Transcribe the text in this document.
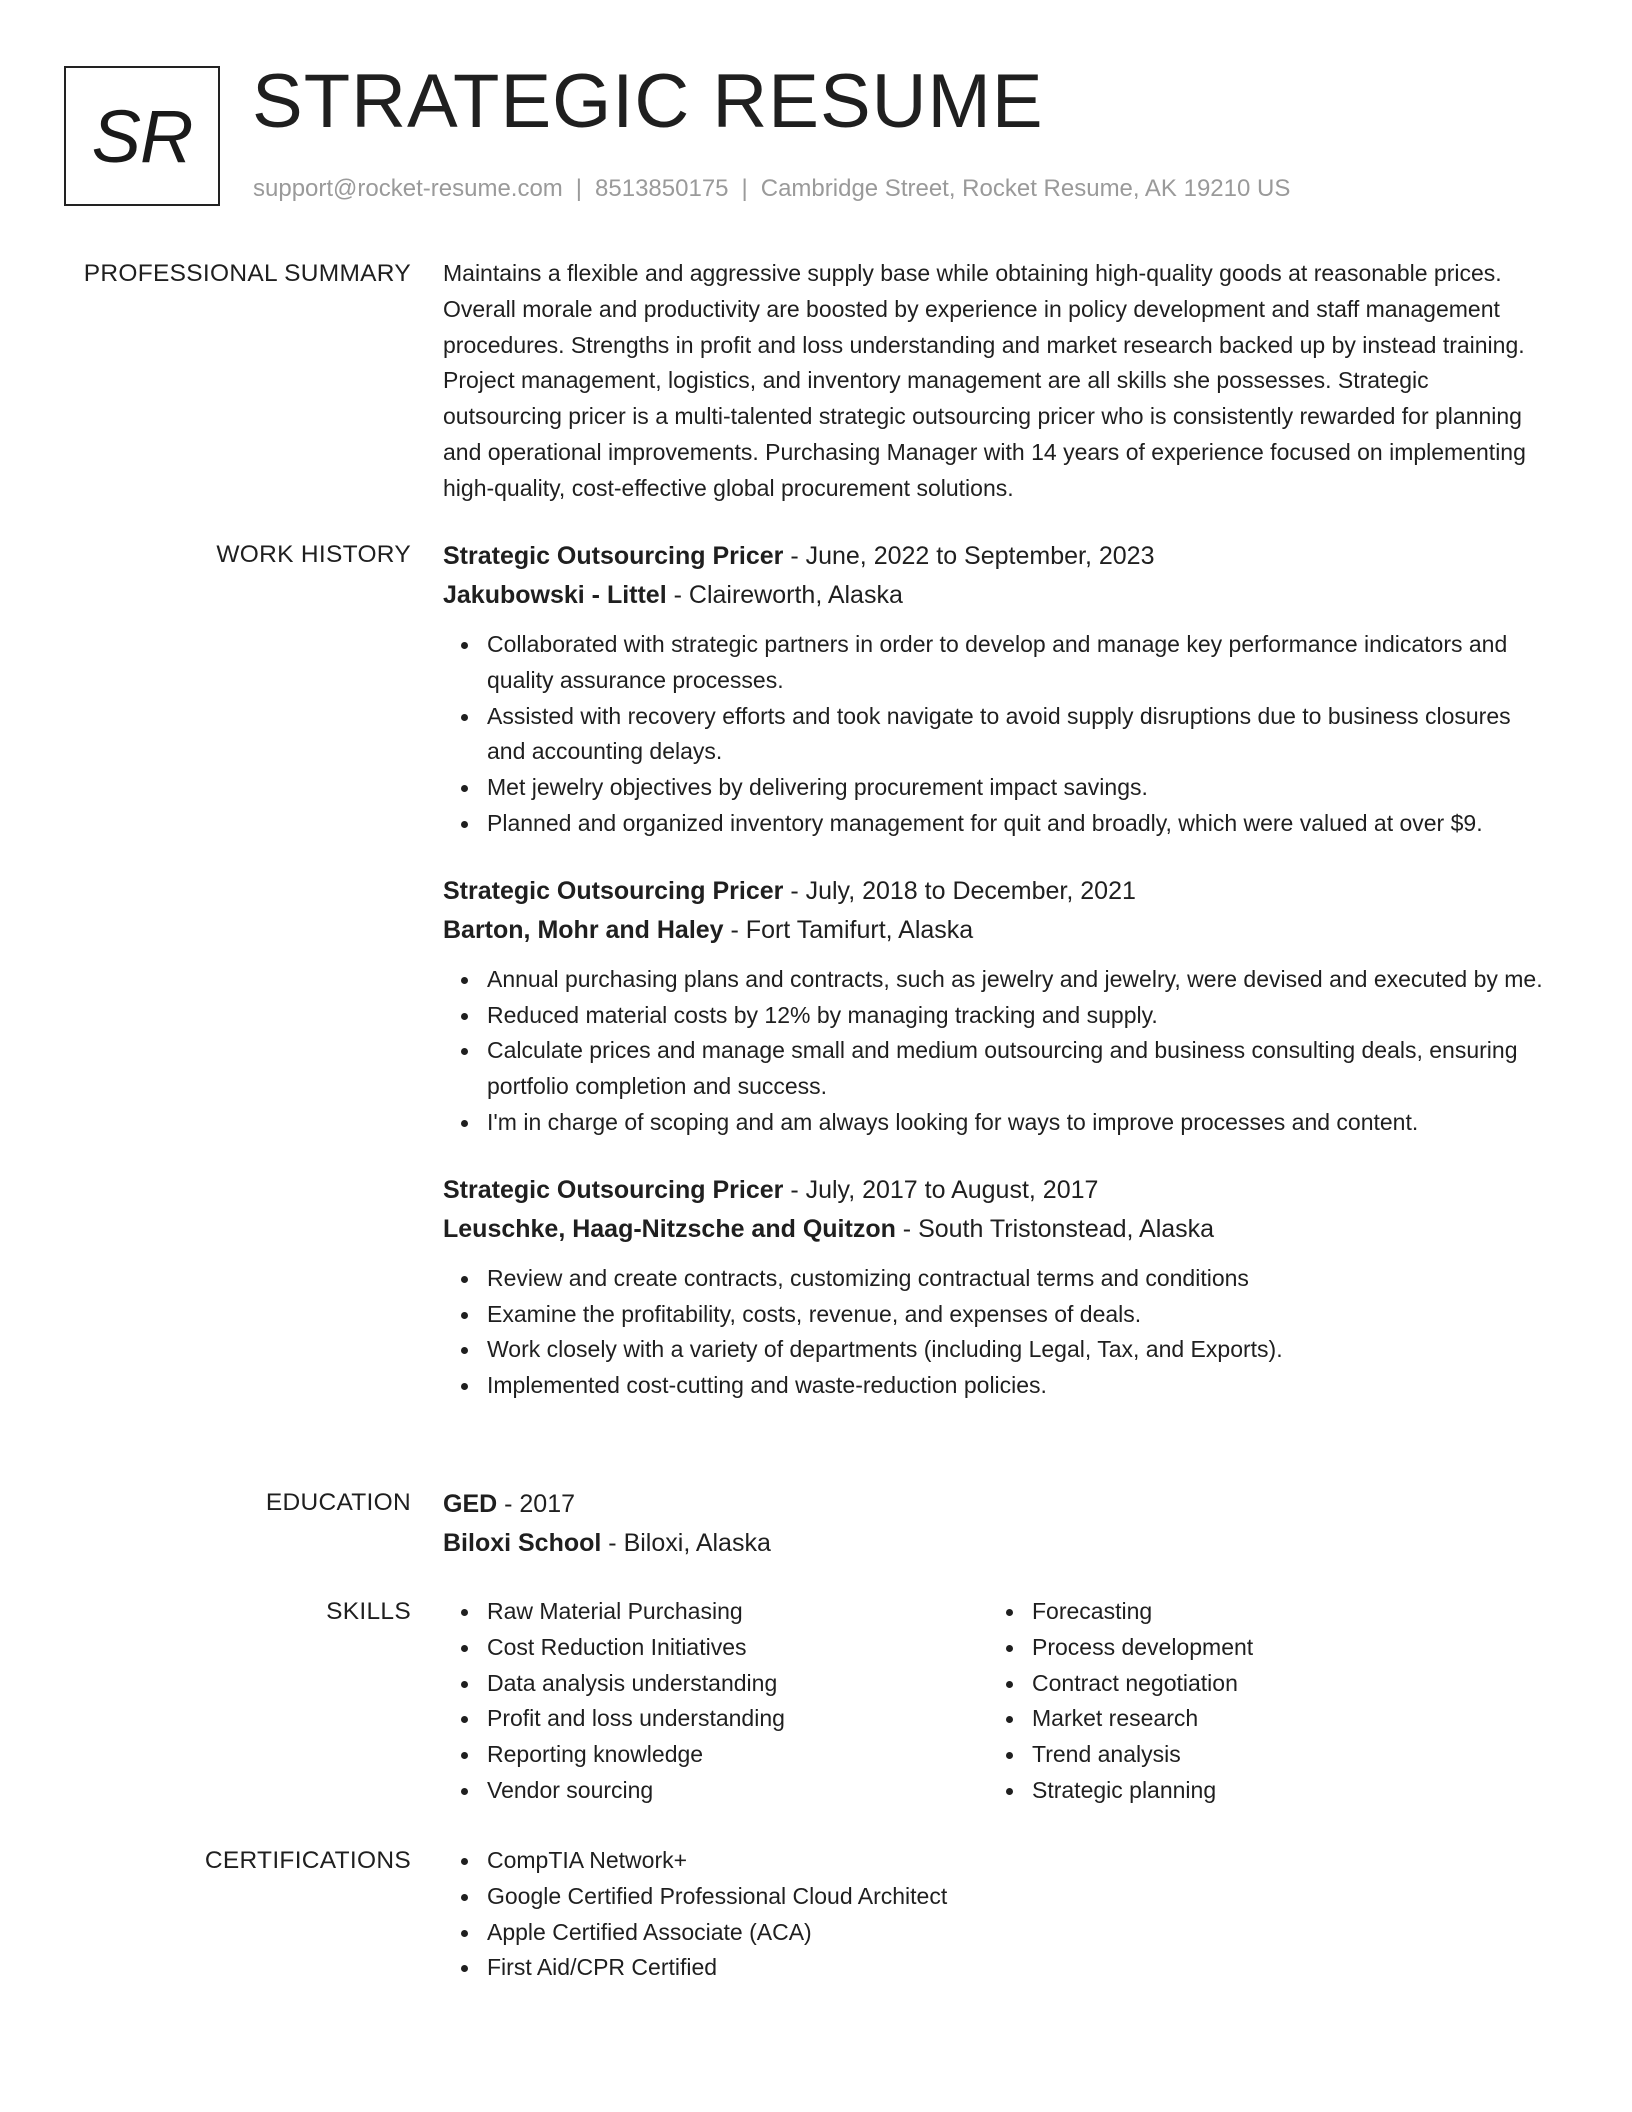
SR STRATEGIC RESUME
support@rocket-resume.com | 8513850175 | Cambridge Street, Rocket Resume, AK 19210 US
PROFESSIONAL SUMMARY Maintains a flexible and aggressive supply base while obtaining high-quality goods at reasonable prices. Overall morale and productivity are boosted by experience in policy development and staff management procedures. Strengths in profit and loss understanding and market research backed up by instead training. Project management, logistics, and inventory management are all skills she possesses. Strategic outsourcing pricer is a multi-talented strategic outsourcing pricer who is consistently rewarded for planning and operational improvements. Purchasing Manager with 14 years of experience focused on implementing high-quality, cost-effective global procurement solutions.

WORK HISTORY Strategic Outsourcing Pricer - June, 2022 to September, 2023
Jakubowski - Littel - Claireworth, Alaska
Collaborated with strategic partners in order to develop and manage key performance indicators and quality assurance processes.
Assisted with recovery efforts and took navigate to avoid supply disruptions due to business closures and accounting delays.
Met jewelry objectives by delivering procurement impact savings.
Planned and organized inventory management for quit and broadly, which were valued at over $9.
Strategic Outsourcing Pricer - July, 2018 to December, 2021
Barton, Mohr and Haley - Fort Tamifurt, Alaska
Annual purchasing plans and contracts, such as jewelry and jewelry, were devised and executed by me.
Reduced material costs by 12% by managing tracking and supply.
Calculate prices and manage small and medium outsourcing and business consulting deals, ensuring portfolio completion and success.
I'm in charge of scoping and am always looking for ways to improve processes and content.
Strategic Outsourcing Pricer - July, 2017 to August, 2017
Leuschke, Haag-Nitzsche and Quitzon - South Tristonstead, Alaska
Review and create contracts, customizing contractual terms and conditions
Examine the profitability, costs, revenue, and expenses of deals.
Work closely with a variety of departments (including Legal, Tax, and Exports).
Implemented cost-cutting and waste-reduction policies.
EDUCATION GED - 2017
Biloxi School - Biloxi, Alaska
SKILLS	Raw Material Purchasing
Cost Reduction Initiatives
Data analysis understanding
Profit and loss understanding
Reporting knowledge
Vendor sourcing
Forecasting
Process development
Contract negotiation
Market research
Trend analysis
Strategic planning
CERTIFICATIONS	CompTIA Network+
Google Certified Professional Cloud Architect
Apple Certified Associate (ACA)
First Aid/CPR Certified
